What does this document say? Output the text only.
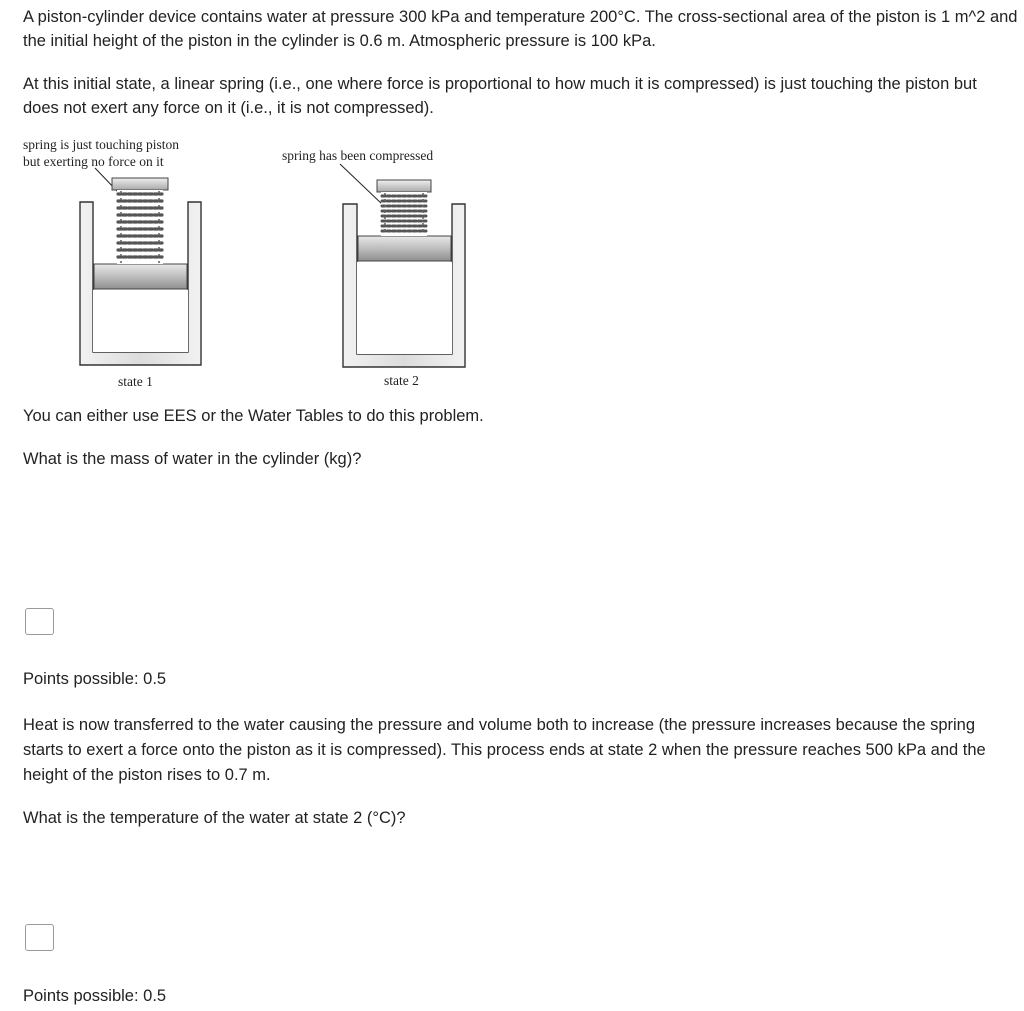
A piston-cylinder device contains water at pressure 300 kPa and temperature 200°C. The cross-sectional area of the piston is 1 m^2 and the initial height of the piston in the cylinder is 0.6 m. Atmospheric pressure is 100 kPa.

At this initial state, a linear spring (i.e., one where force is proportional to how much it is compressed) is just touching the piston but does not exert any force on it (i.e., it is not compressed).

spring is just touching piston
but exerting no force on it	spring has been compressed
state 1	state 2

You can either use EES or the Water Tables to do this problem.

What is the mass of water in the cylinder (kg)?

Points possible: 0.5

Heat is now transferred to the water causing the pressure and volume both to increase (the pressure increases because the spring starts to exert a force onto the piston as it is compressed). This process ends at state 2 when the pressure reaches 500 kPa and the height of the piston rises to 0.7 m.

What is the temperature of the water at state 2 (°C)?

Points possible: 0.5
